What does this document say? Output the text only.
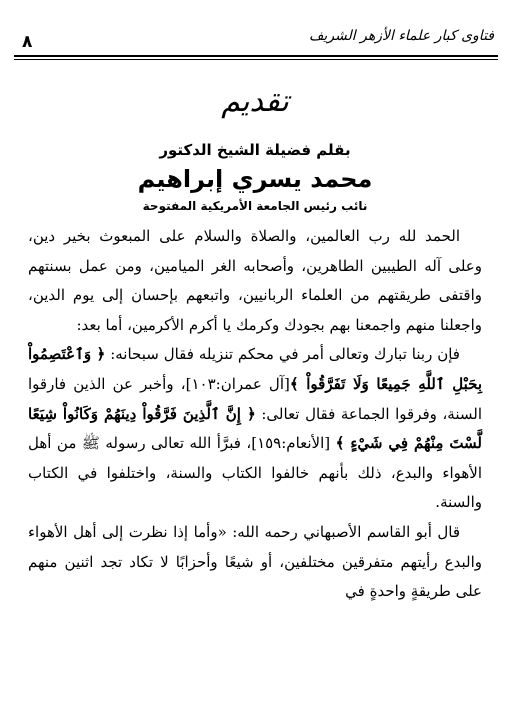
فتاوى كبار علماء الأزهر الشريف
٨
تقديم
بقلم فضيلة الشيخ الدكتور
محمد يسري إبراهيم
نائب رئيس الجامعة الأمريكية المفتوحة

الحمد لله رب العالمين، والصلاة والسلام على المبعوث بخير دين، وعلى آله الطيبين الطاهرين، وأصحابه الغر الميامين، ومن عمل بسنتهم واقتفى طريقتهم من العلماء الربانيين، واتبعهم بإحسان إلى يوم الدين، واجعلنا منهم واجمعنا بهم بجودك وكرمك يا أكرم الأكرمين، أما بعد:

فإن ربنا تبارك وتعالى أمر في محكم تنزيله فقال سبحانه: ﴿ وَٱعْتَصِمُواْ بِحَبْلِ ٱللَّهِ جَمِيعًا وَلَا تَفَرَّقُواْ ﴾[آل عمران:١٠٣]، وأخبر عن الذين فارقوا السنة، وفرقوا الجماعة فقال تعالى: ﴿ إِنَّ ٱلَّذِينَ فَرَّقُواْ دِينَهُمْ وَكَانُواْ شِيَعًا لَّسْتَ مِنْهُمْ فِي شَيْءٍ ﴾ [الأنعام:١٥٩]، فبرَّأ الله تعالى رسوله ﷺ من أهل الأهواء والبدع، ذلك بأنهم خالفوا الكتاب والسنة، واختلفوا في الكتاب والسنة.

قال أبو القاسم الأصبهاني رحمه الله: «وأما إذا نظرت إلى أهل الأهواء والبدع رأيتهم متفرقين مختلفين، أو شيعًا وأحزابًا لا تكاد تجد اثنين منهم على طريقةٍ واحدةٍ في
